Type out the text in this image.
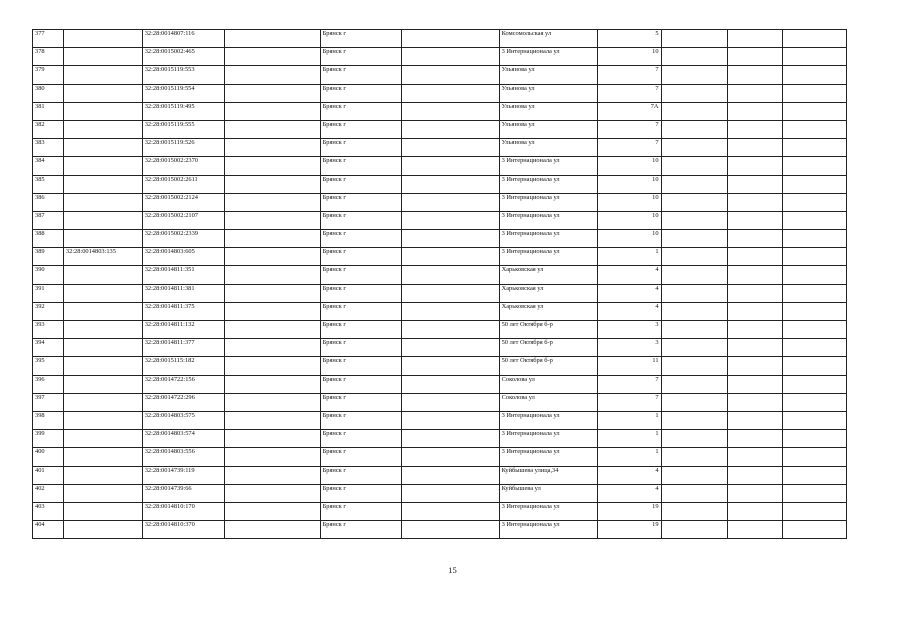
377		32:28:0014807:116		Брянск г		Комсомольская ул	5			
378		32:28:0015002:465		Брянск г		3 Интернационала ул	10			
379		32:28:0015119:553		Брянск г		Ульянова ул	7			
380		32:28:0015119:554		Брянск г		Ульянова ул	7			
381		32:28:0015119:495		Брянск г		Ульянова ул	7А			
382		32:28:0015119:555		Брянск г		Ульянова ул	7			
383		32:28:0015119:526		Брянск г		Ульянова ул	7			
384		32:28:0015002:2370		Брянск г		3 Интернационала ул	10			
385		32:28:0015002:2611		Брянск г		3 Интернационала ул	10			
386		32:28:0015002:2124		Брянск г		3 Интернационала ул	10			
387		32:28:0015002:2107		Брянск г		3 Интернационала ул	10			
388		32:28:0015002:2339		Брянск г		3 Интернационала ул	10			
389	32:28:0014803:135	32:28:0014803:605		Брянск г		3 Интернационала ул	1			
390		32:28:0014811:351		Брянск г		Харьковская ул	4			
391		32:28:0014811:381		Брянск г		Харьковская ул	4			
392		32:28:0014811:375		Брянск г		Харьковская ул	4			
393		32:28:0014811:132		Брянск г		50 лет Октября б-р	3			
394		32:28:0014811:377		Брянск г		50 лет Октября б-р	3			
395		32:28:0015115:182		Брянск г		50 лет Октября б-р	11			
396		32:28:0014722:156		Брянск г		Соколова ул	7			
397		32:28:0014722:296		Брянск г		Соколова ул	7			
398		32:28:0014803:575		Брянск г		3 Интернационала ул	1			
399		32:28:0014803:574		Брянск г		3 Интернационала ул	1			
400		32:28:0014803:556		Брянск г		3 Интернационала ул	1			
401		32:28:0014739:119		Брянск г		Куйбышева улица,34	4			
402		32:28:0014739:66		Брянск г		Куйбышева ул	4			
403		32:28:0014810:170		Брянск г		3 Интернационала ул	19			
404		32:28:0014810:370		Брянск г		3 Интернационала ул	19			
15
